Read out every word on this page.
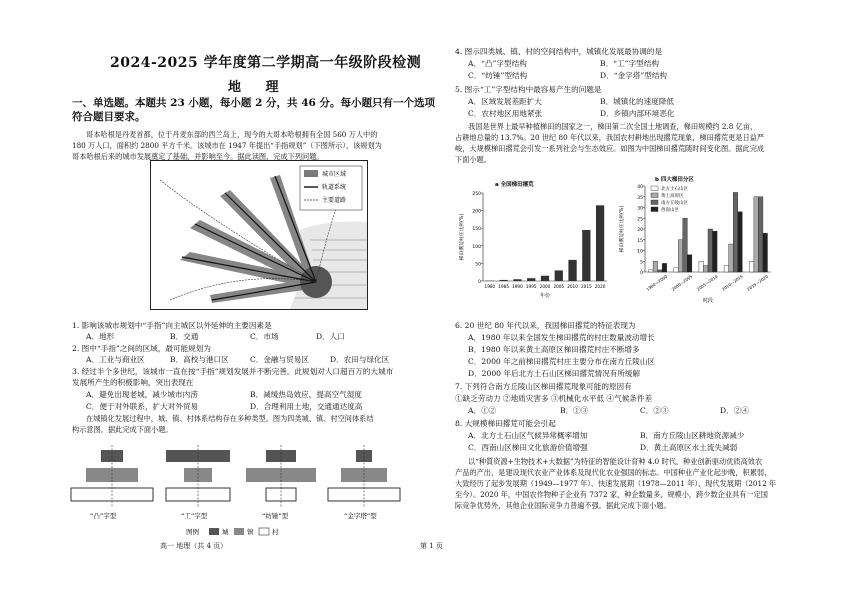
2024-2025 学年度第二学期高一年级阶段检测
地 理
一、单选题。本题共 23 小题，每小题 2 分，共 46 分。每小题只有一个选项符合题目要求。
哥本哈根是丹麦首都，位于丹麦东部的西兰岛上，现今的大哥本哈根拥有全国 560 万人中的
180 万人口，面积约 2800 平方千米。该城市在 1947 年提出“手指规划”（下图所示），该规划为
哥本哈根后来的城市发展奠定了基础，并影响至今。据此读图，完成下列问题。
城市区域
轨道系统
主要道路
1. 影响该城市规划中“手指”向主城区以外延伸的主要因素是
A．地形	B．交通	C．市场	D．人口
2. 图中“手指”之间的区域，最可能规划为
A．工业与商业区	B．高校与港口区	C．金融与贸易区	D．农田与绿化区
3. 经过半个多世纪，该城市一直在按“手指”规划发展并不断完善。此规划对人口超百万的大城市
发展所产生的积极影响，突出表现在
A．避免出现老城，减少城市内涝	B．减缓热岛效应，提高空气湿度
C．便于对外联系，扩大对外贸易	D．合理利用土地，交通通达度高
在城镇化发展过程中，城、镇、村体系结构存在多种类型。图为四类城、镇、村空间体系结
构示意图。据此完成下面小题。
“凸”字型	“工”字型	“纺锤”型	“金字塔”型
图例	城	镇	村
高一 地理（共 4 页）	第 1 页
4. 图示四类城、镇、村的空间结构中，城镇化发展最协调的是
A．“凸”字型结构	B．“工”字型结构
C．“纺锤”型结构	D．“金字塔”型结构
5. 图示“工”字型结构中最容易产生的问题是
A．区域发展差距扩大	B．城镇化的速度降低
C．农村地区用地紧张	D．乡镇内部环境恶化
我国是世界上最早种植梯田的国家之一，梯田第二次全国土地调查，梯田规模约 2.8 亿亩，
占耕地总量的 13.7%。20 世纪 80 年代以来，我国农村耕地出现撂荒现象，梯田撂荒更是日益严
峻，大规模梯田撂荒会引发一系列社会与生态效应。如图为中国梯田撂荒随时间变化图。据此完成
下面小题。
a 全国梯田撂荒
0
50
100
150
200
250
1980 1985 1990 1995 2000 2005 2010 2015 2020
年份
梯田撂荒村庄比例(%)
b 四大梯田分区
0
5
10
15
20
25
30
35
40
1980—2000 2000—2005 2005—2010 2010—2015 2015—2020
北方土石山区
黄土高原区
南方丘陵山区
西南山区
时段
梯田撂荒村庄比例(%)
6. 20 世纪 80 年代以来，我国梯田撂荒的特征表现为
A．1980 年以来全国发生梯田撂荒的村庄数量波动增长
B．1980 年以来黄土高原区梯田撂荒村庄不断增多
C．2000 年之前梯田撂荒村庄主要分布在南方丘陵山区
D．2000 年后北方土石山区梯田撂荒情况有所缓解
7. 下列符合南方丘陵山区梯田撂荒现象可能的原因有
①缺乏劳动力 ②地质灾害多 ③机械化水平低 ④气候条件差
A．①②	B．①③	C．②③	D．②④
8. 大规模梯田撂荒可能会引起
A．北方土石山区气候异常概率增加	B．南方丘陵山区耕地资源减少
C．西南山区梯田文化旅游价值增强	D．黄土高原区水土流失减弱
以“种質资源+生物技术+大数据”为特征的智能设计育种 4.0 时代，种业创新驱动优质高效农
产品的产出，是建设现代农业产业体系及现代化农业强国的标志。中国种业产业化起步晚，积累弱，
大致经历了起步发展期（1949—1977 年）、快速发展期（1978—2011 年）、现代发展期（2012 年
至今）。2020 年，中国农作物种子企业有 7372 家，种企数量多，规模小，跨少数企业具有一定国
际竞争优势外，其他企业国际竞争力普遍不强。据此完成下面小题。
